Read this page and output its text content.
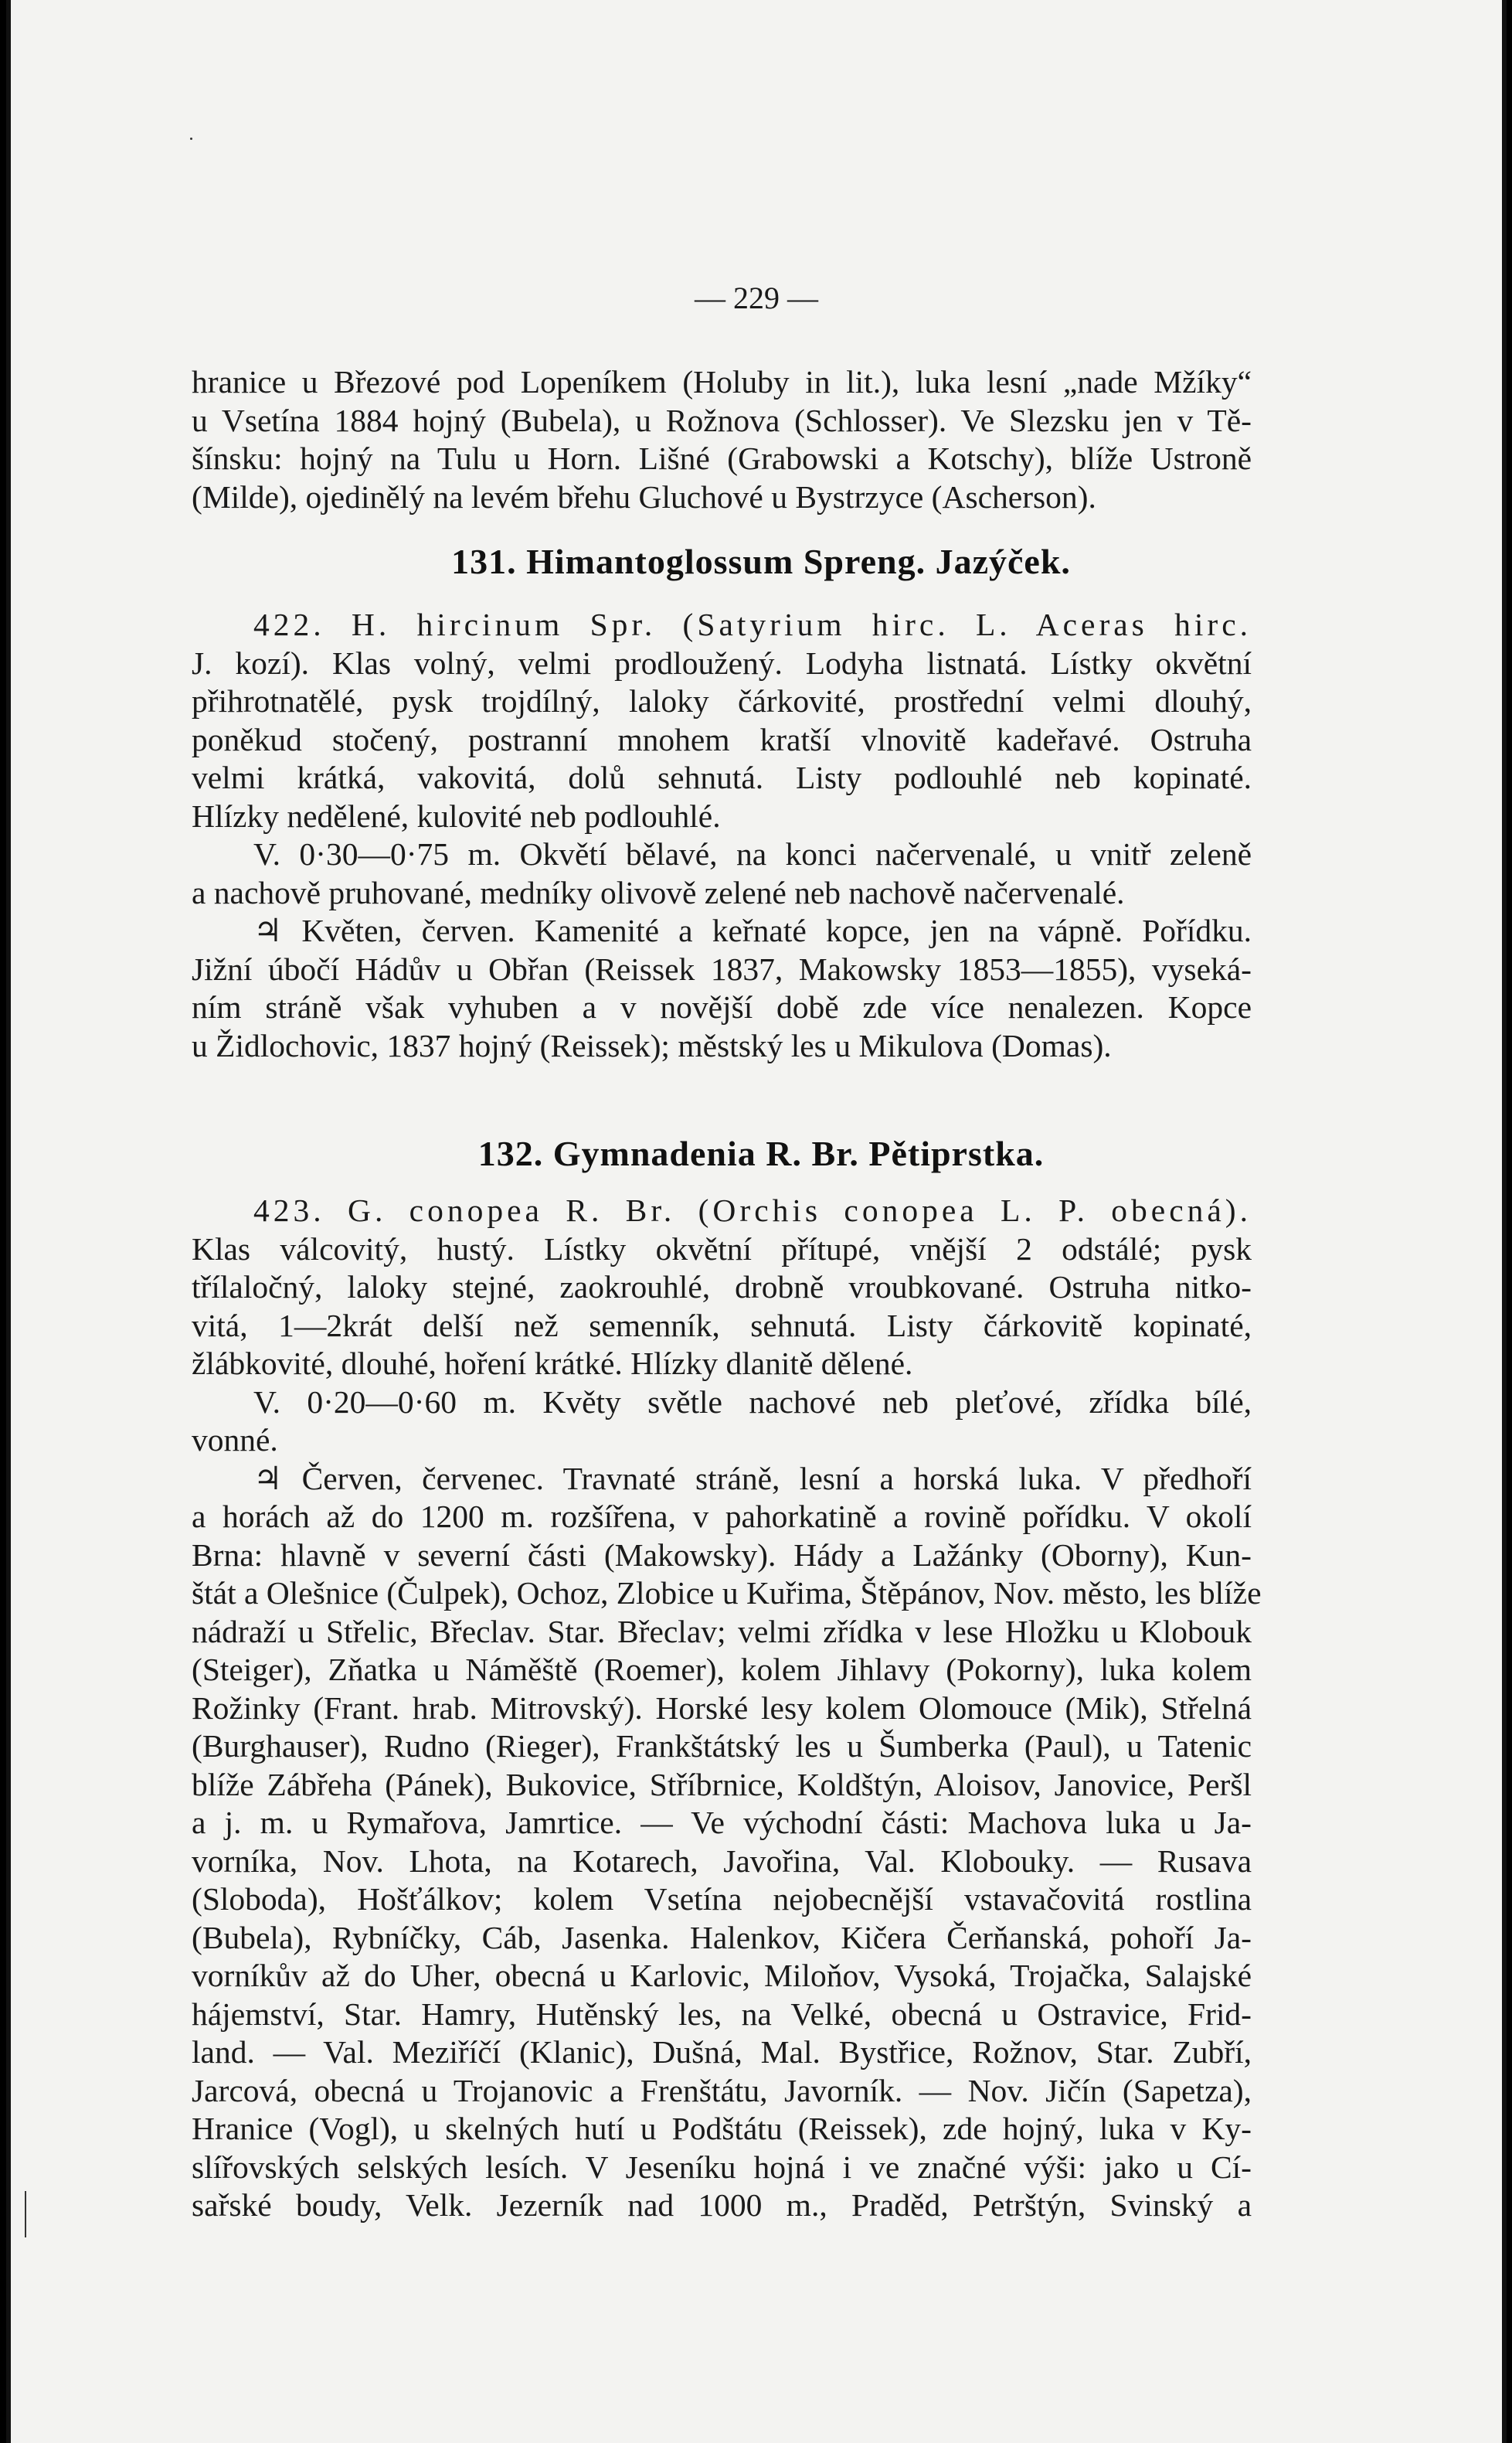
— 229 —
hranice u Březové pod Lopeníkem (Holuby in lit.), luka lesní „nade Mžíky“
u Vsetína 1884 hojný (Bubela), u Rožnova (Schlosser). Ve Slezsku jen v Tě-
šínsku: hojný na Tulu u Horn. Lišné (Grabowski a Kotschy), blíže Ustroně
(Milde), ojedinělý na levém břehu Gluchové u Bystrzyce (Ascherson).
131. Himantoglossum Spreng. Jazýček.
422. H. hircinum Spr. (Satyrium hirc. L. Aceras hirc.
J. kozí). Klas volný, velmi prodloužený. Lodyha listnatá. Lístky okvětní
přihrotnatělé, pysk trojdílný, laloky čárkovité, prostřední velmi dlouhý,
poněkud stočený, postranní mnohem kratší vlnovitě kadeřavé. Ostruha
velmi krátká, vakovitá, dolů sehnutá. Listy podlouhlé neb kopinaté.
Hlízky nedělené, kulovité neb podlouhlé.
V. 0·30—0·75 m. Okvětí bělavé, na konci načervenalé, u vnitř zeleně
a nachově pruhované, medníky olivově zelené neb nachově načervenalé.
♃ Květen, červen. Kamenité a keřnaté kopce, jen na vápně. Pořídku.
Jižní úbočí Hádův u Obřan (Reissek 1837, Makowsky 1853—1855), vyseká-
ním stráně však vyhuben a v novější době zde více nenalezen. Kopce
u Židlochovic, 1837 hojný (Reissek); městský les u Mikulova (Domas).
132. Gymnadenia R. Br. Pětiprstka.
423. G. conopea R. Br. (Orchis conopea L. P. obecná).
Klas válcovitý, hustý. Lístky okvětní přítupé, vnější 2 odstálé; pysk
třílaločný, laloky stejné, zaokrouhlé, drobně vroubkované. Ostruha nitko-
vitá, 1—2krát delší než semenník, sehnutá. Listy čárkovitě kopinaté,
žlábkovité, dlouhé, hoření krátké. Hlízky dlanitě dělené.
V. 0·20—0·60 m. Květy světle nachové neb pleťové, zřídka bílé,
vonné.
♃ Červen, červenec. Travnaté stráně, lesní a horská luka. V předhoří
a horách až do 1200 m. rozšířena, v pahorkatině a rovině pořídku. V okolí
Brna: hlavně v severní části (Makowsky). Hády a Lažánky (Oborny), Kun-
štát a Olešnice (Čulpek), Ochoz, Zlobice u Kuřima, Štěpánov, Nov. město, les blíže
nádraží u Střelic, Břeclav. Star. Břeclav; velmi zřídka v lese Hložku u Klobouk
(Steiger), Zňatka u Náměště (Roemer), kolem Jihlavy (Pokorny), luka kolem
Rožinky (Frant. hrab. Mitrovský). Horské lesy kolem Olomouce (Mik), Střelná
(Burghauser), Rudno (Rieger), Frankštátský les u Šumberka (Paul), u Tatenic
blíže Zábřeha (Pánek), Bukovice, Stříbrnice, Koldštýn, Aloisov, Janovice, Peršl
a j. m. u Rymařova, Jamrtice. — Ve východní části: Machova luka u Ja-
vorníka, Nov. Lhota, na Kotarech, Javořina, Val. Klobouky. — Rusava
(Sloboda), Hošťálkov; kolem Vsetína nejobecnější vstavačovitá rostlina
(Bubela), Rybníčky, Cáb, Jasenka. Halenkov, Kičera Čerňanská, pohoří Ja-
vorníkův až do Uher, obecná u Karlovic, Miloňov, Vysoká, Trojačka, Salajské
hájemství, Star. Hamry, Hutěnský les, na Velké, obecná u Ostravice, Frid-
land. — Val. Meziříčí (Klanic), Dušná, Mal. Bystřice, Rožnov, Star. Zubří,
Jarcová, obecná u Trojanovic a Frenštátu, Javorník. — Nov. Jičín (Sapetza),
Hranice (Vogl), u skelných hutí u Podštátu (Reissek), zde hojný, luka v Ky-
slířovských selských lesích. V Jeseníku hojná i ve značné výši: jako u Cí-
sařské boudy, Velk. Jezerník nad 1000 m., Praděd, Petrštýn, Svinský a
